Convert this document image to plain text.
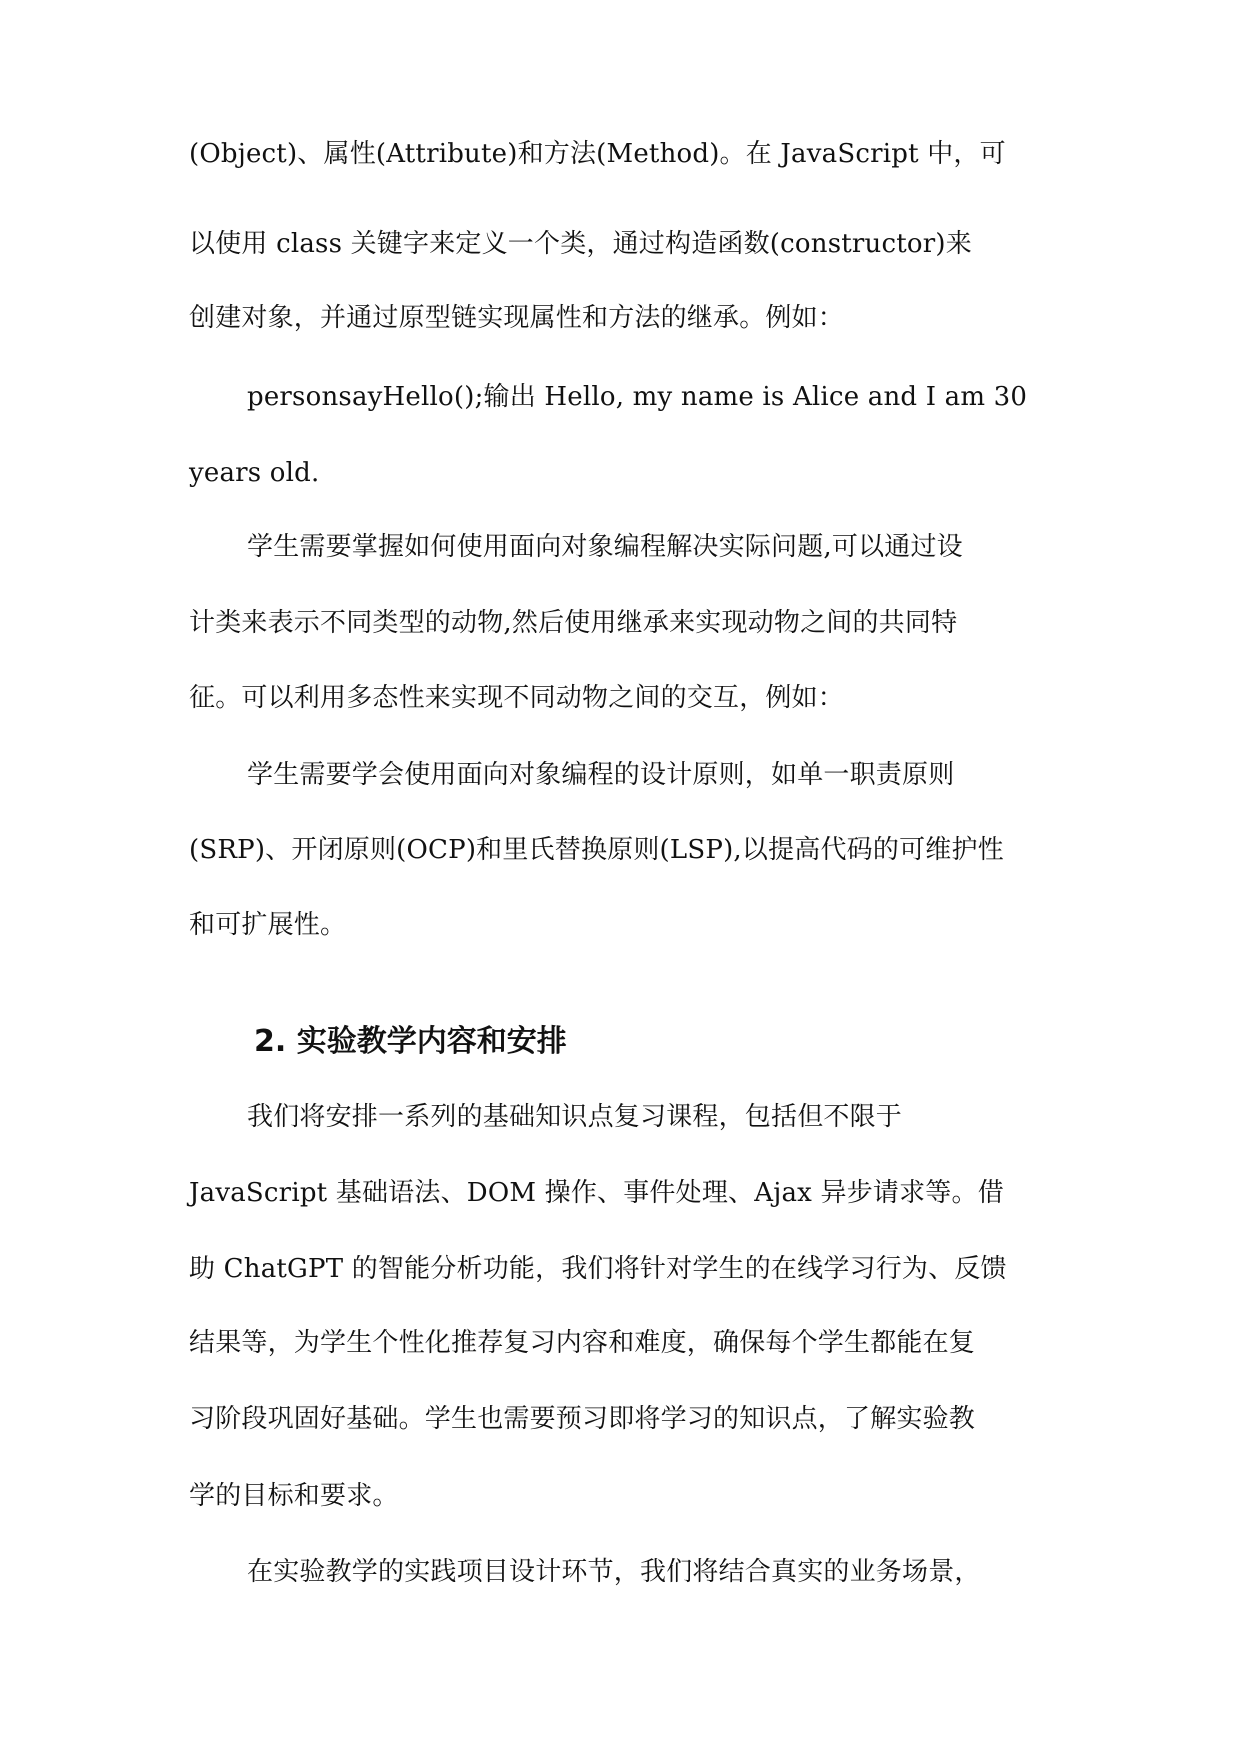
(Object)、属性(Attribute)和方法(Method)。在 JavaScript 中，可
以使用 class 关键字来定义一个类，通过构造函数(constructor)来
创建对象，并通过原型链实现属性和方法的继承。例如：
personsayHello();输出 Hello, my name is Alice and I am 30
years old.
学生需要掌握如何使用面向对象编程解决实际问题,可以通过设
计类来表示不同类型的动物,然后使用继承来实现动物之间的共同特
征。可以利用多态性来实现不同动物之间的交互，例如：
学生需要学会使用面向对象编程的设计原则，如单一职责原则
(SRP)、开闭原则(OCP)和里氏替换原则(LSP),以提高代码的可维护性
和可扩展性。
2. 实验教学内容和安排
我们将安排一系列的基础知识点复习课程，包括但不限于
JavaScript 基础语法、DOM 操作、事件处理、Ajax 异步请求等。借
助 ChatGPT 的智能分析功能，我们将针对学生的在线学习行为、反馈
结果等，为学生个性化推荐复习内容和难度，确保每个学生都能在复
习阶段巩固好基础。学生也需要预习即将学习的知识点，了解实验教
学的目标和要求。
在实验教学的实践项目设计环节，我们将结合真实的业务场景，
